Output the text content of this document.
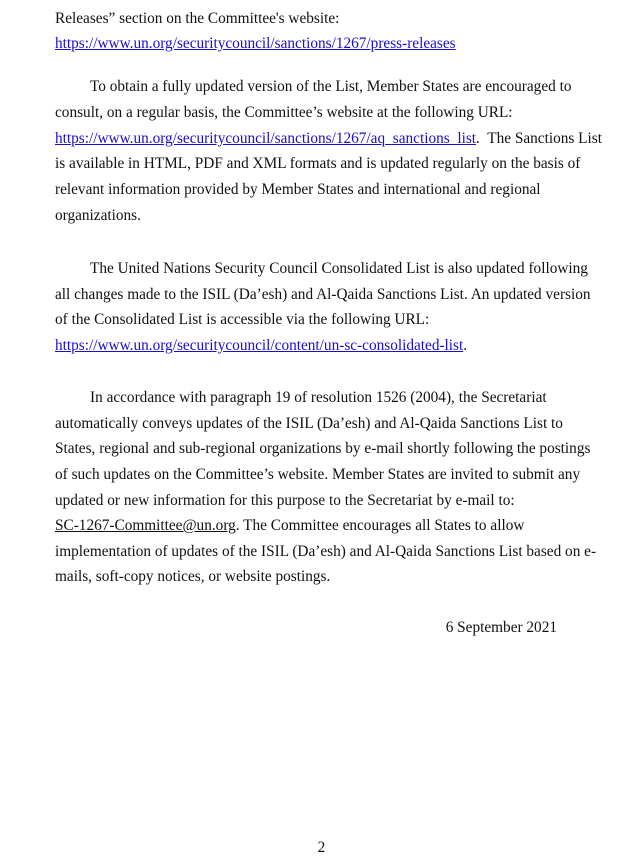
Releases” section on the Committee's website:
https://www.un.org/securitycouncil/sanctions/1267/press-releases
To obtain a fully updated version of the List, Member States are encouraged to
consult, on a regular basis, the Committee’s website at the following URL:
https://www.un.org/securitycouncil/sanctions/1267/aq_sanctions_list.  The Sanctions List
is available in HTML, PDF and XML formats and is updated regularly on the basis of
relevant information provided by Member States and international and regional
organizations.
The United Nations Security Council Consolidated List is also updated following
all changes made to the ISIL (Da’esh) and Al-Qaida Sanctions List. An updated version
of the Consolidated List is accessible via the following URL:
https://www.un.org/securitycouncil/content/un-sc-consolidated-list.
In accordance with paragraph 19 of resolution 1526 (2004), the Secretariat
automatically conveys updates of the ISIL (Da’esh) and Al-Qaida Sanctions List to
States, regional and sub-regional organizations by e-mail shortly following the postings
of such updates on the Committee’s website. Member States are invited to submit any
updated or new information for this purpose to the Secretariat by e-mail to:
SC-1267-Committee@un.org. The Committee encourages all States to allow
implementation of updates of the ISIL (Da’esh) and Al-Qaida Sanctions List based on e-
mails, soft-copy notices, or website postings.
6 September 2021
2
